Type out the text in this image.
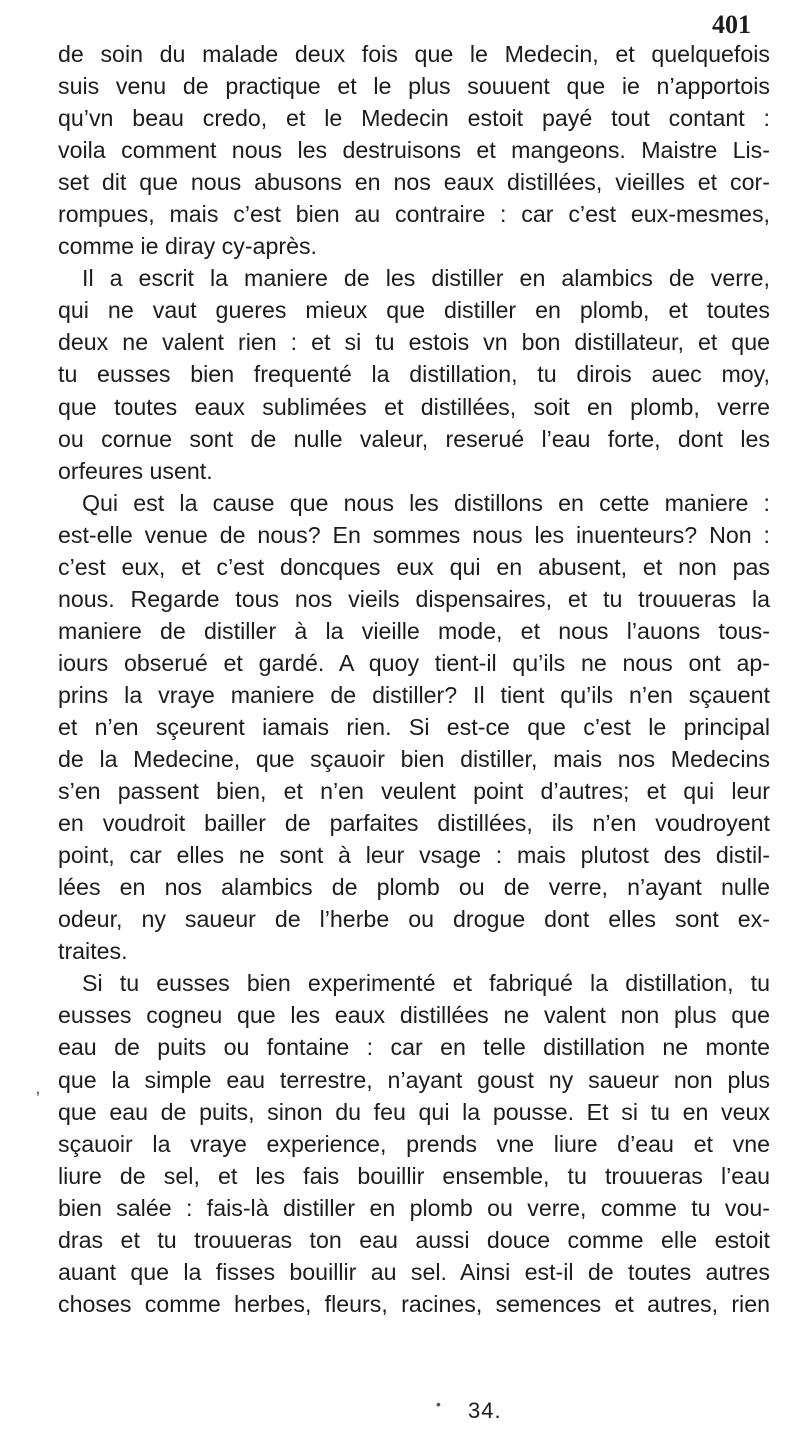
401
de soin du malade deux fois que le Medecin, et quelquefois
suis venu de practique et le plus souuent que ie n’apportois
qu’vn beau credo, et le Medecin estoit payé tout contant :
voila comment nous les destruisons et mangeons. Maistre Lis-
set dit que nous abusons en nos eaux distillées, vieilles et cor-
rompues, mais c’est bien au contraire : car c’est eux-mesmes,
comme ie diray cy-après.
Il a escrit la maniere de les distiller en alambics de verre,
qui ne vaut gueres mieux que distiller en plomb, et toutes
deux ne valent rien : et si tu estois vn bon distillateur, et que
tu eusses bien frequenté la distillation, tu dirois auec moy,
que toutes eaux sublimées et distillées, soit en plomb, verre
ou cornue sont de nulle valeur, reserué l’eau forte, dont les
orfeures usent.
Qui est la cause que nous les distillons en cette maniere :
est-elle venue de nous? En sommes nous les inuenteurs? Non :
c’est eux, et c’est doncques eux qui en abusent, et non pas
nous. Regarde tous nos vieils dispensaires, et tu trouueras la
maniere de distiller à la vieille mode, et nous l’auons tous-
iours obserué et gardé. A quoy tient-il qu’ils ne nous ont ap-
prins la vraye maniere de distiller? Il tient qu’ils n’en sçauent
et n’en sçeurent iamais rien. Si est-ce que c’est le principal
de la Medecine, que sçauoir bien distiller, mais nos Medecins
s’en passent bien, et n’en veulent point d’autres; et qui leur
en voudroit bailler de parfaites distillées, ils n’en voudroyent
point, car elles ne sont à leur vsage : mais plutost des distil-
lées en nos alambics de plomb ou de verre, n’ayant nulle
odeur, ny saueur de l’herbe ou drogue dont elles sont ex-
traites.
Si tu eusses bien experimenté et fabriqué la distillation, tu
eusses cogneu que les eaux distillées ne valent non plus que
eau de puits ou fontaine : car en telle distillation ne monte
que la simple eau terrestre, n’ayant goust ny saueur non plus
que eau de puits, sinon du feu qui la pousse. Et si tu en veux
sçauoir la vraye experience, prends vne liure d’eau et vne
liure de sel, et les fais bouillir ensemble, tu trouueras l’eau
bien salée : fais-là distiller en plomb ou verre, comme tu vou-
dras et tu trouueras ton eau aussi douce comme elle estoit
auant que la fisses bouillir au sel. Ainsi est-il de toutes autres
choses comme herbes, fleurs, racines, semences et autres, rien
ʼ
• 34.
